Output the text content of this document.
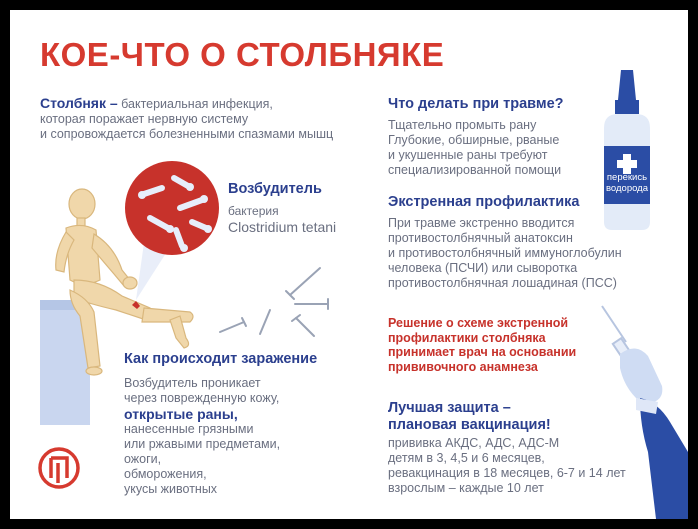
КОЕ-ЧТО О СТОЛБНЯКЕ
Столбняк – бактериальная инфекция,
которая поражает нервную систему
и сопровождается болезненными спазмами мышц
Возбудитель
бактерия
Clostridium tetani
Как происходит заражение
Возбудитель проникает
через поврежденную кожу,
открытые раны,
нанесенные грязными
или ржавыми предметами,
ожоги,
обморожения,
укусы животных
Что делать при травме?
Тщательно промыть рану
Глубокие, обширные, рваные
и укушенные раны требуют
специализированной помощи
перекись
водорода
Экстренная профилактика
При травме экстренно вводится
противостолбнячный анатоксин
и противостолбнячный иммуноглобулин
человека (ПСЧИ) или сыворотка
противостолбнячная лошадиная (ПСС)
Решение о схеме экстренной
профилактики столбняка
принимает врач на основании
прививочного анамнеза
Лучшая защита –
плановая вакцинация!
прививка АКДС, АДС, АДС-М
детям в 3, 4,5 и 6 месяцев,
ревакцинация в 18 месяцев, 6-7 и 14 лет
взрослым – каждые 10 лет
